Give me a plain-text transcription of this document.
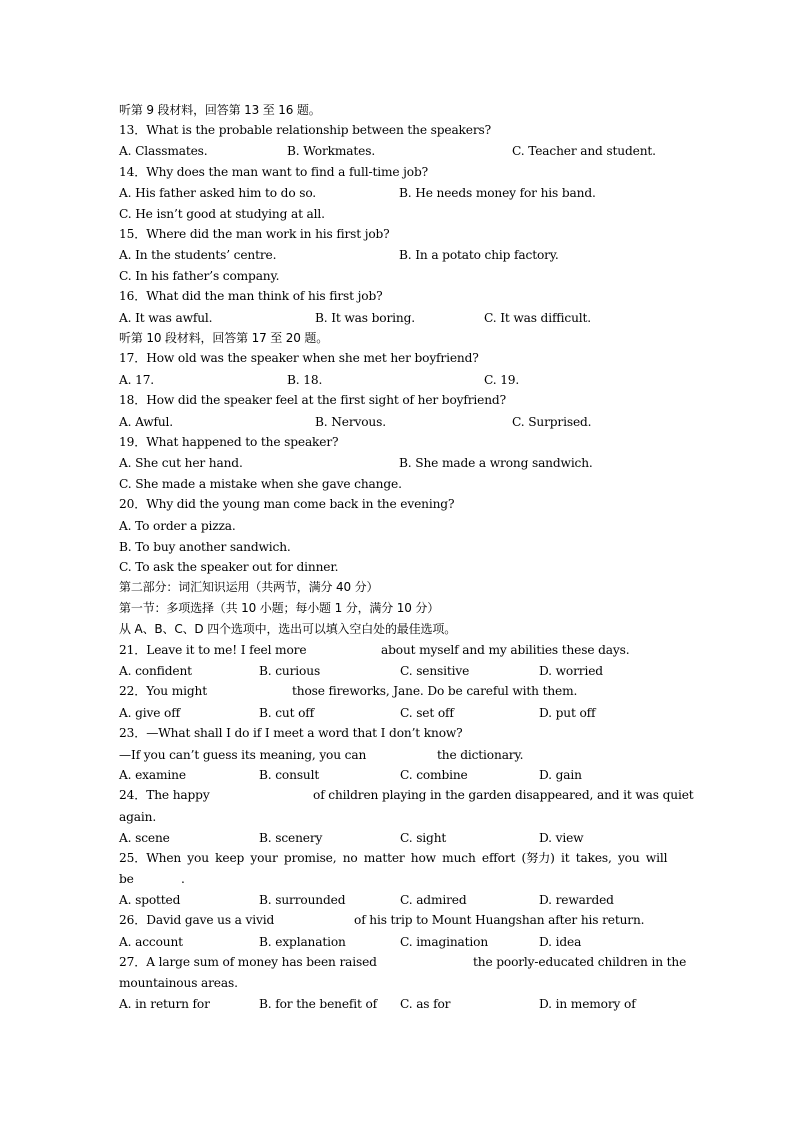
听第 9 段材料，回答第 13 至 16 题。
13．What is the probable relationship between the speakers?
A. Classmates.	B. Workmates.	C. Teacher and student.
14．Why does the man want to find a full-time job?
A. His father asked him to do so.	B. He needs money for his band.
C. He isn’t good at studying at all.
15．Where did the man work in his first job?
A. In the students’ centre.	B. In a potato chip factory.
C. In his father’s company.
16．What did the man think of his first job?
A. It was awful.	B. It was boring.	C. It was difficult.
听第 10 段材料，回答第 17 至 20 题。
17．How old was the speaker when she met her boyfriend?
A. 17.	B. 18.	C. 19.
18．How did the speaker feel at the first sight of her boyfriend?
A. Awful.	B. Nervous.	C. Surprised.
19．What happened to the speaker?
A. She cut her hand.	B. She made a wrong sandwich.
C. She made a mistake when she gave change.
20．Why did the young man come back in the evening?
A. To order a pizza.
B. To buy another sandwich.
C. To ask the speaker out for dinner.
第二部分：词汇知识运用（共两节，满分 40 分）
第一节：多项选择（共 10 小题；每小题 1 分，满分 10 分）
从 A、B、C、D 四个选项中，选出可以填入空白处的最佳选项。
21．Leave it to me! I feel more	about myself and my abilities these days.
A. confident	B. curious	C. sensitive	D. worried
22．You might	those fireworks, Jane. Do be careful with them.
A. give off	B. cut off	C. set off	D. put off
23．—What shall I do if I meet a word that I don’t know?
—If you can’t guess its meaning, you can	the dictionary.
A. examine	B. consult	C. combine	D. gain
24．The happy	of children playing in the garden disappeared, and it was quiet
again.
A. scene	B. scenery	C. sight	D. view
25．When you keep your promise, no matter how much effort (努力) it takes, you will
be	.
A. spotted	B. surrounded	C. admired	D. rewarded
26．David gave us a vivid	of his trip to Mount Huangshan after his return.
A. account	B. explanation	C. imagination	D. idea
27．A large sum of money has been raised	the poorly-educated children in the
mountainous areas.
A. in return for	B. for the benefit of C. as for	D. in memory of
